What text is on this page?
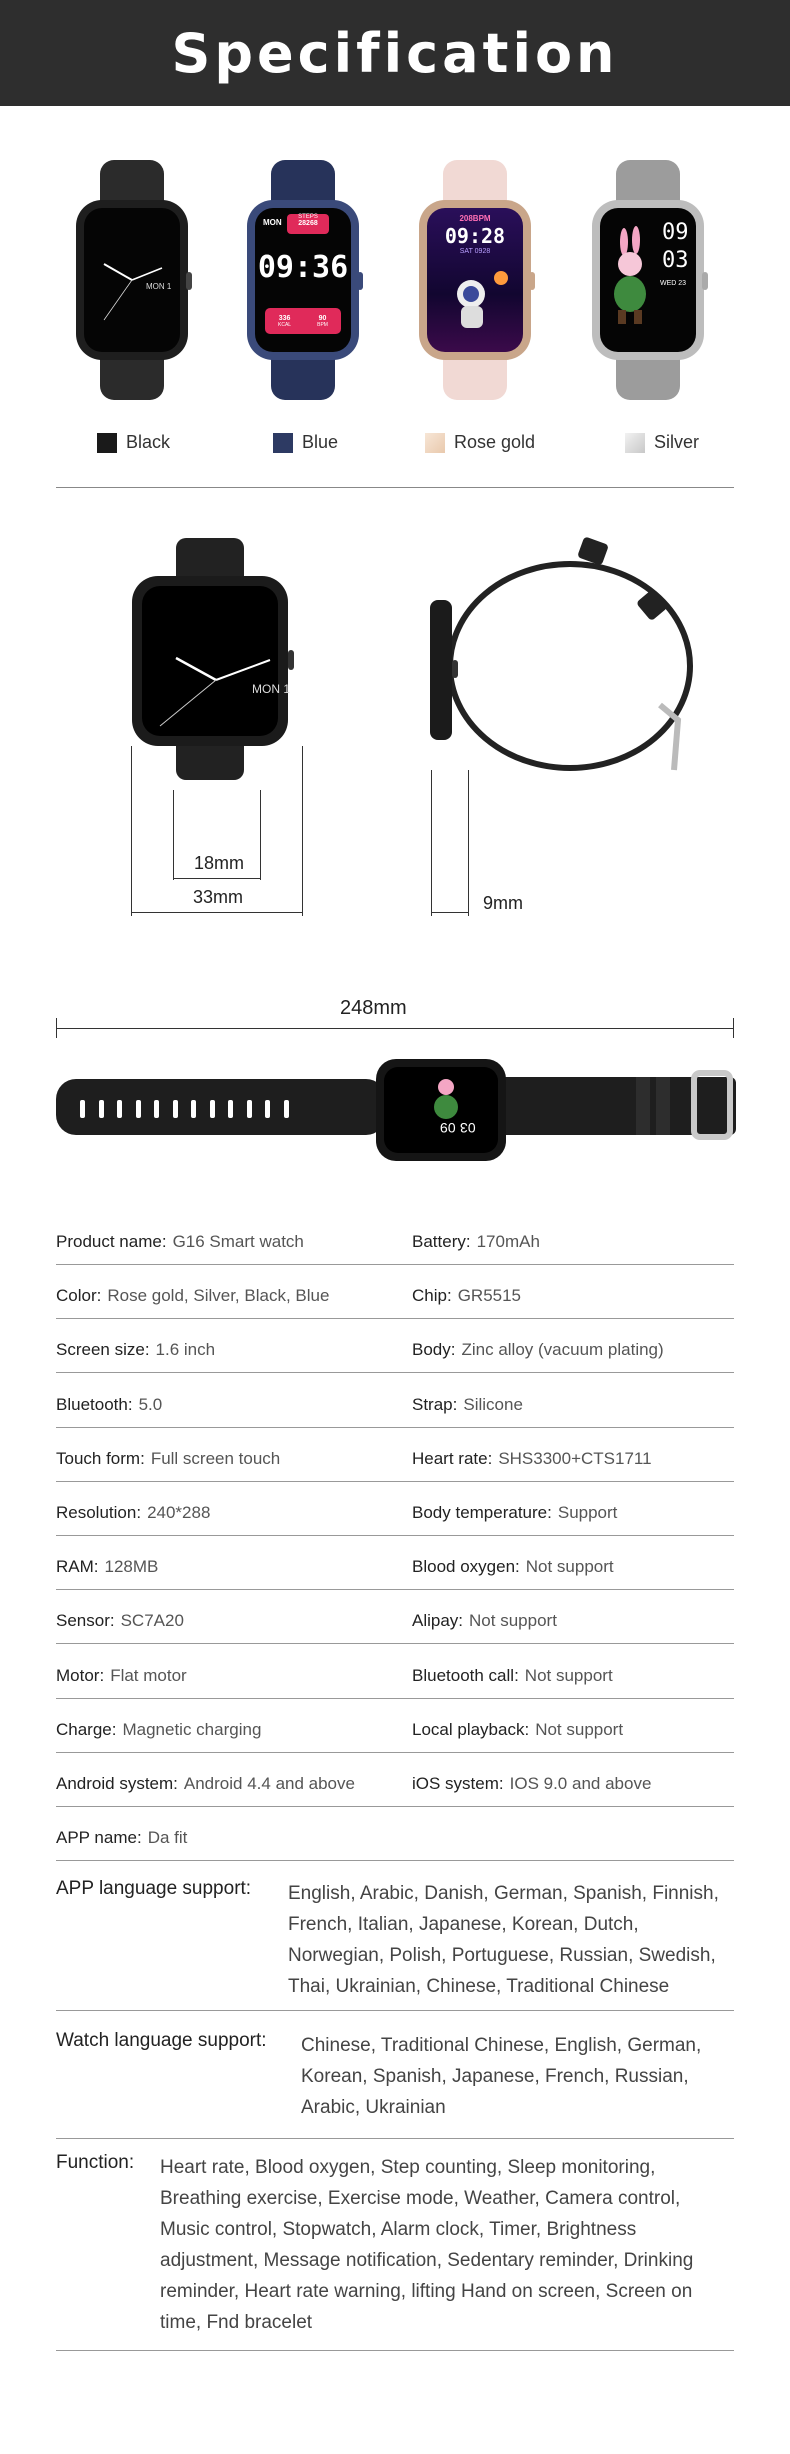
Specification
MON 1
MON
STEPS
28268
09:36
336
KCAL
90
BPM
208BPM
09:28
SAT 0928
09
03
WED 23
Black	Blue	Rose gold	Silver
MON 1
18mm
33mm	9mm
248mm
09 03
Product name: G16 Smart watch	Battery: 170mAh
Color: Rose gold, Silver, Black, Blue	Chip: GR5515
Screen size: 1.6 inch	Body: Zinc alloy (vacuum plating)
Bluetooth: 5.0	Strap: Silicone
Touch form: Full screen touch	Heart rate: SHS3300+CTS1711
Resolution: 240*288	Body temperature: Support
RAM: 128MB	Blood oxygen: Not support
Sensor: SC7A20	Alipay: Not support
Motor: Flat motor	Bluetooth call: Not support
Charge: Magnetic charging	Local playback: Not support
Android system: Android 4.4 and above	iOS system: IOS 9.0 and above
APP name: Da fit
APP language support: English, Arabic, Danish, German, Spanish, Finnish,
French, Italian, Japanese, Korean, Dutch,
Norwegian, Polish, Portuguese, Russian, Swedish,
Thai, Ukrainian, Chinese, Traditional Chinese
Watch language support: Chinese, Traditional Chinese, English, German,
Korean, Spanish, Japanese, French, Russian,
Arabic, Ukrainian
Function: Heart rate, Blood oxygen, Step counting, Sleep monitoring,
Breathing exercise, Exercise mode, Weather, Camera control,
Music control, Stopwatch, Alarm clock, Timer, Brightness
adjustment, Message notification, Sedentary reminder, Drinking
reminder, Heart rate warning, lifting Hand on screen, Screen on
time, Fnd bracelet
